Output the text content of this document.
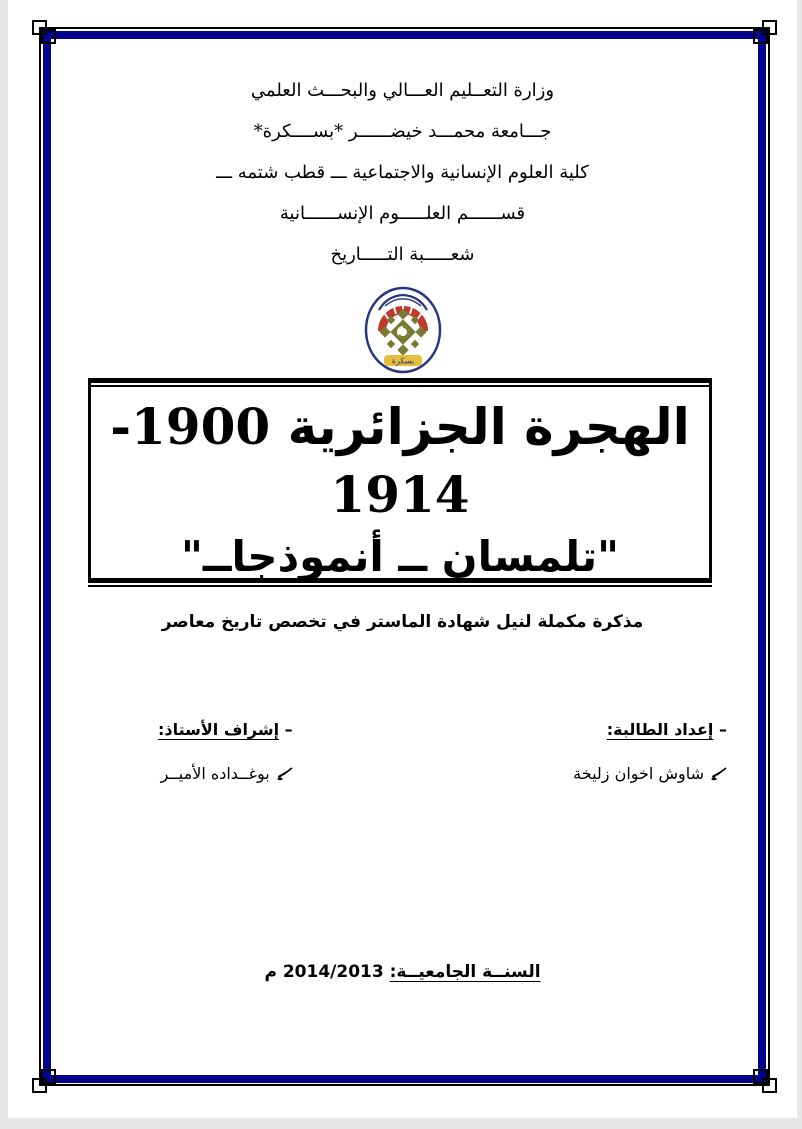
وزارة التعــليم العـــالي والبحـــث العلمي
جـــامعة محمـــد خيضــــــر *بســــكرة*
كلية العلوم الإنسانية والاجتماعية ـــ قطب شتمه ـــ
قســــــم العلـــــوم الإنســــــانية
شعـــــبة التـــــاريخ
بسكرة
الهجرة الجزائرية 1900- 1914
"تلمسان ــ أنموذجاــ"
مذكرة مكملة لنيل شهادة الماستر في تخصص تاريخ معاصر
– إعداد الطالبة:
شاوش اخوان زليخة
– إشراف الأستاذ:
بوغــداده الأميــر
السنــة الجامعيــة: 2014/2013 م
